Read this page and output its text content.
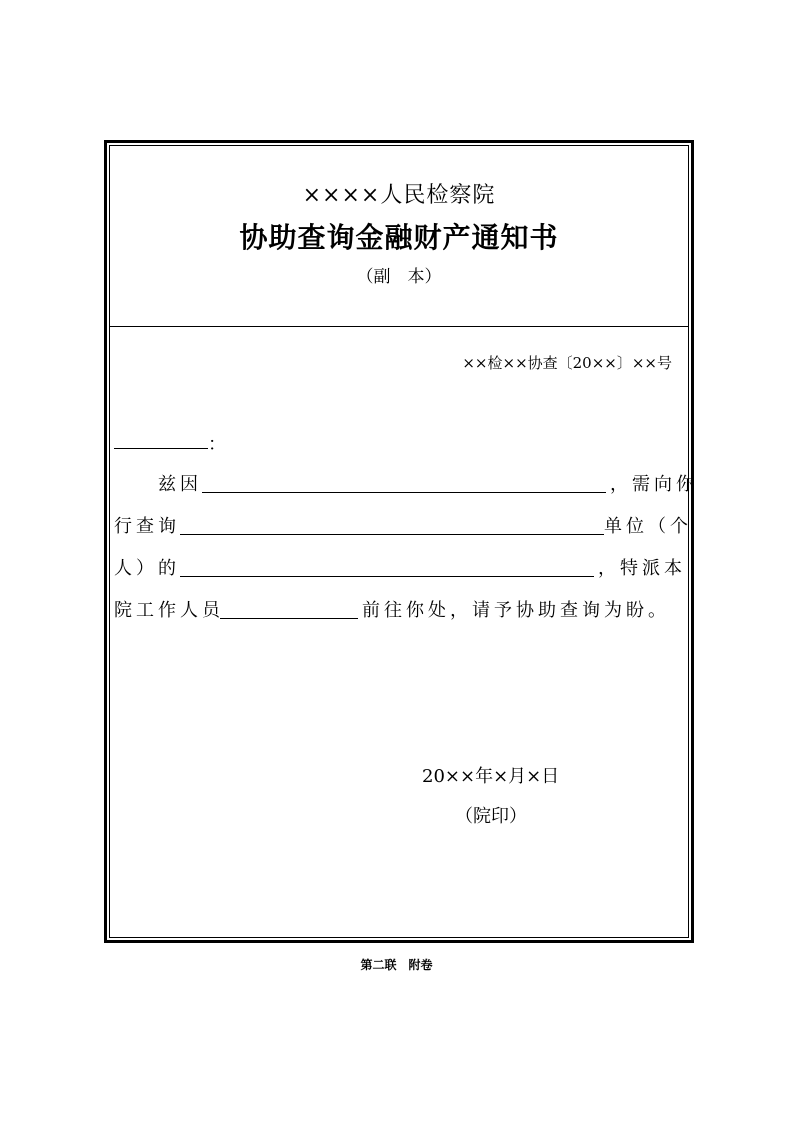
××××人民检察院
协助查询金融财产通知书
（副　本）
××检××协查〔20××〕××号
：
兹因	，需向你
行查询	单位（个
人）的	，特派本
院工作人员	前往你处，请予协助查询为盼。
20××年×月×日
（院印）
第二联　附卷
